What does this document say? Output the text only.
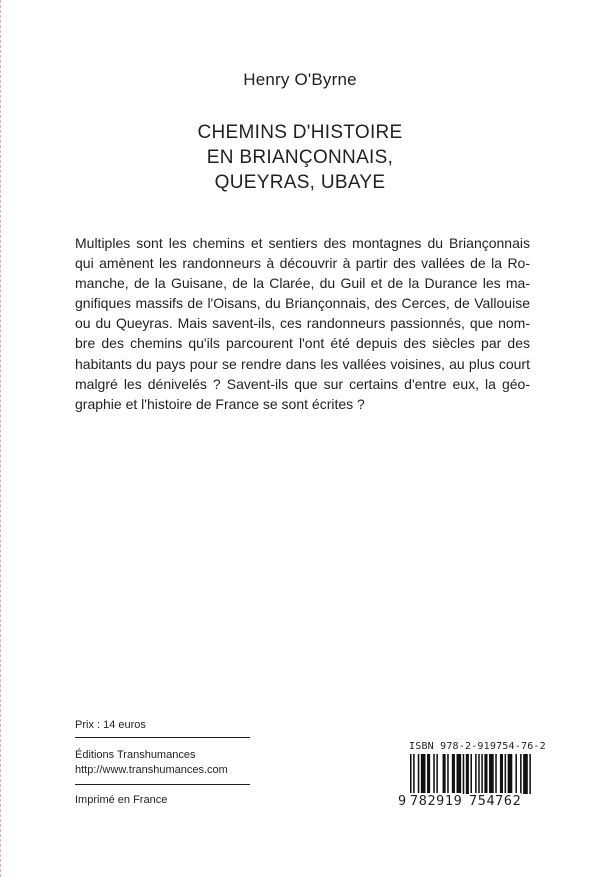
Henry O'Byrne
CHEMINS D'HISTOIRE
EN BRIANÇONNAIS,
QUEYRAS, UBAYE
Multiples sont les chemins et sentiers des montagnes du Briançonnais
qui amènent les randonneurs à découvrir à partir des vallées de la Ro-
manche, de la Guisane, de la Clarée, du Guil et de la Durance les ma-
gnifiques massifs de l'Oisans, du Briançonnais, des Cerces, de Vallouise
ou du Queyras. Mais savent-ils, ces randonneurs passionnés, que nom-
bre des chemins qu'ils parcourent l'ont été depuis des siècles par des
habitants du pays pour se rendre dans les vallées voisines, au plus court
malgré les dénivelés ? Savent-ils que sur certains d'entre eux, la géo-
graphie et l'histoire de France se sont écrites ?
Prix : 14 euros
Éditions Transhumances
http://www.transhumances.com
Imprimé en France
ISBN 978-2-919754-76-2
9 782919 754762
